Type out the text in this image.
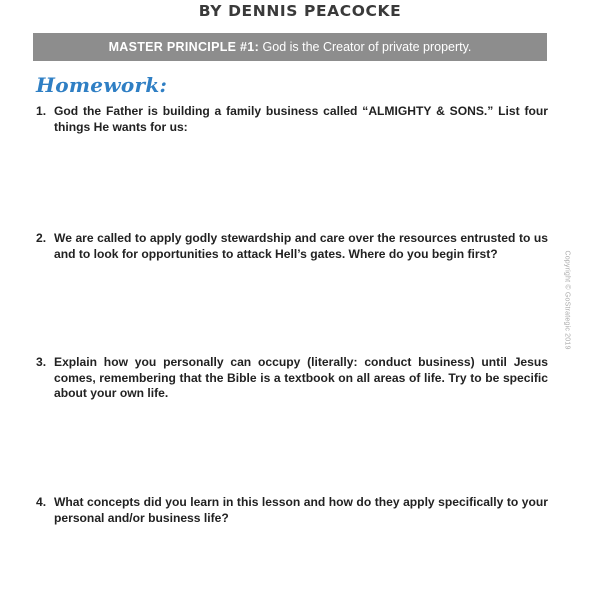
BY DENNIS PEACOCKE
MASTER PRINCIPLE #1: God is the Creator of private property.
Homework:
1. God the Father is building a family business called “ALMIGHTY & SONS.” List four things He wants for us:
2. We are called to apply godly stewardship and care over the resources entrusted to us and to look for opportunities to attack Hell’s gates. Where do you begin first?
3. Explain how you personally can occupy (literally: conduct business) until Jesus comes, remembering that the Bible is a textbook on all areas of life. Try to be specific about your own life.
4. What concepts did you learn in this lesson and how do they apply specifically to your personal and/or business life?
Copyright © GoStrategic 2019
